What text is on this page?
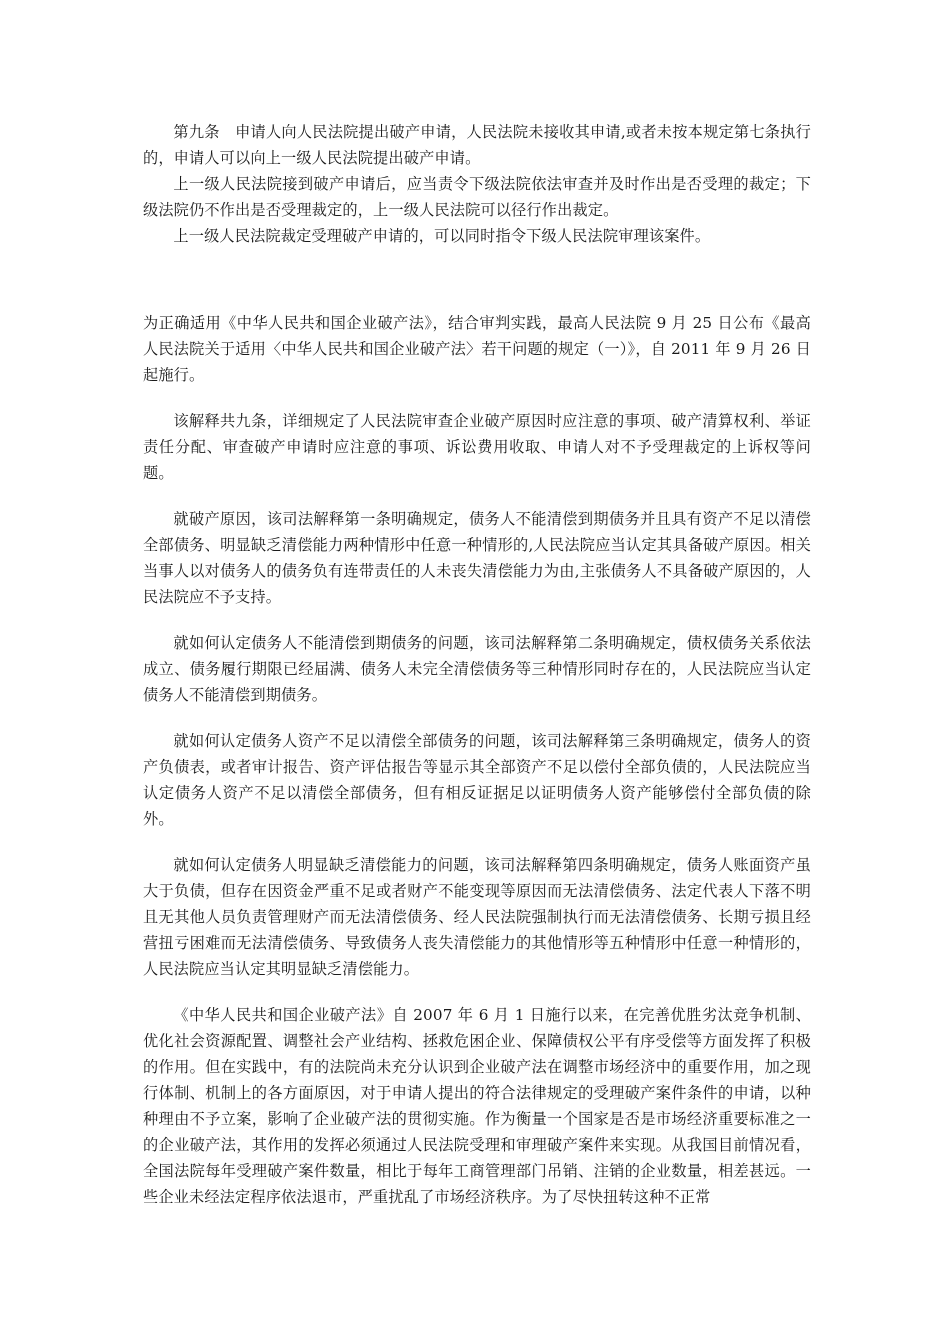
第九条　申请人向人民法院提出破产申请，人民法院未接收其申请,或者未按本规定第七条执行的，申请人可以向上一级人民法院提出破产申请。

上一级人民法院接到破产申请后，应当责令下级法院依法审查并及时作出是否受理的裁定；下级法院仍不作出是否受理裁定的，上一级人民法院可以径行作出裁定。

上一级人民法院裁定受理破产申请的，可以同时指令下级人民法院审理该案件。

为正确适用《中华人民共和国企业破产法》，结合审判实践，最高人民法院 9 月 25 日公布《最高人民法院关于适用〈中华人民共和国企业破产法〉若干问题的规定（一）》，自 2011 年 9 月 26 日起施行。

该解释共九条，详细规定了人民法院审查企业破产原因时应注意的事项、破产清算权利、举证责任分配、审查破产申请时应注意的事项、诉讼费用收取、申请人对不予受理裁定的上诉权等问题。

就破产原因，该司法解释第一条明确规定，债务人不能清偿到期债务并且具有资产不足以清偿全部债务、明显缺乏清偿能力两种情形中任意一种情形的,人民法院应当认定其具备破产原因。相关当事人以对债务人的债务负有连带责任的人未丧失清偿能力为由,主张债务人不具备破产原因的，人民法院应不予支持。

就如何认定债务人不能清偿到期债务的问题，该司法解释第二条明确规定，债权债务关系依法成立、债务履行期限已经届满、债务人未完全清偿债务等三种情形同时存在的，人民法院应当认定债务人不能清偿到期债务。

就如何认定债务人资产不足以清偿全部债务的问题，该司法解释第三条明确规定，债务人的资产负债表，或者审计报告、资产评估报告等显示其全部资产不足以偿付全部负债的，人民法院应当认定债务人资产不足以清偿全部债务，但有相反证据足以证明债务人资产能够偿付全部负债的除外。

就如何认定债务人明显缺乏清偿能力的问题，该司法解释第四条明确规定，债务人账面资产虽大于负债，但存在因资金严重不足或者财产不能变现等原因而无法清偿债务、法定代表人下落不明且无其他人员负责管理财产而无法清偿债务、经人民法院强制执行而无法清偿债务、长期亏损且经营扭亏困难而无法清偿债务、导致债务人丧失清偿能力的其他情形等五种情形中任意一种情形的，人民法院应当认定其明显缺乏清偿能力。

《中华人民共和国企业破产法》自 2007 年 6 月 1 日施行以来，在完善优胜劣汰竞争机制、优化社会资源配置、调整社会产业结构、拯救危困企业、保障债权公平有序受偿等方面发挥了积极的作用。但在实践中，有的法院尚未充分认识到企业破产法在调整市场经济中的重要作用，加之现行体制、机制上的各方面原因，对于申请人提出的符合法律规定的受理破产案件条件的申请，以种种理由不予立案，影响了企业破产法的贯彻实施。作为衡量一个国家是否是市场经济重要标准之一的企业破产法，其作用的发挥必须通过人民法院受理和审理破产案件来实现。从我国目前情况看，全国法院每年受理破产案件数量，相比于每年工商管理部门吊销、注销的企业数量，相差甚远。一些企业未经法定程序依法退市，严重扰乱了市场经济秩序。为了尽快扭转这种不正常
